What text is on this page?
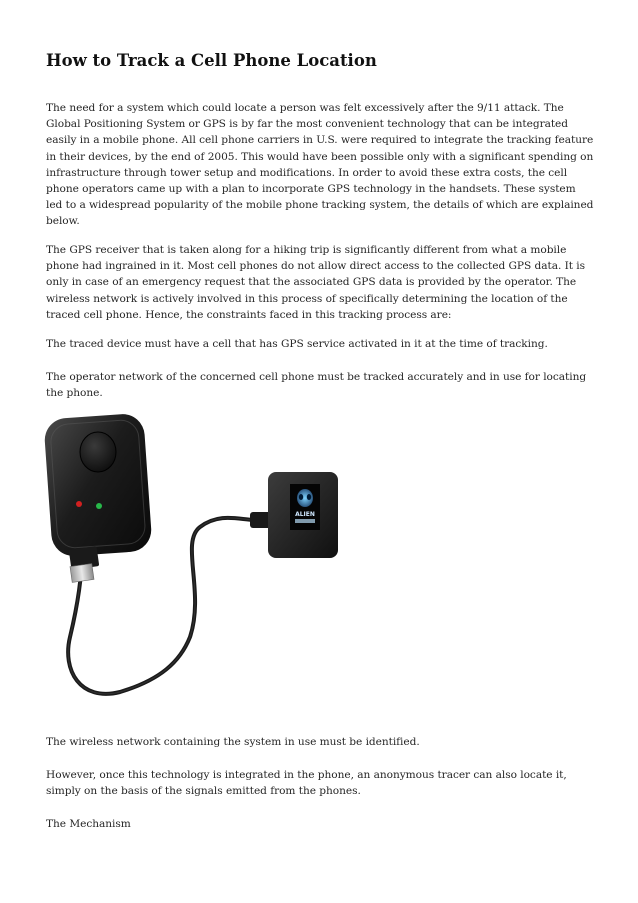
How to Track a Cell Phone Location

The need for a system which could locate a person was felt excessively after the 9/11 attack. The Global Positioning System or GPS is by far the most convenient technology that can be integrated easily in a mobile phone. All cell phone carriers in U.S. were required to integrate the tracking feature in their devices, by the end of 2005. This would have been possible only with a significant spending on infrastructure through tower setup and modifications. In order to avoid these extra costs, the cell phone operators came up with a plan to incorporate GPS technology in the handsets. These system led to a widespread popularity of the mobile phone tracking system, the details of which are explained below.

The GPS receiver that is taken along for a hiking trip is significantly different from what a mobile phone had ingrained in it. Most cell phones do not allow direct access to the collected GPS data. It is only in case of an emergency request that the associated GPS data is provided by the operator. The wireless network is actively involved in this process of specifically determining the location of the traced cell phone. Hence, the constraints faced in this tracking process are:

The traced device must have a cell that has GPS service activated in it at the time of tracking.

The operator network of the concerned cell phone must be tracked accurately and in use for locating the phone.

The wireless network containing the system in use must be identified.

However, once this technology is integrated in the phone, an anonymous tracer can also locate it, simply on the basis of the signals emitted from the phones.

The Mechanism

ALIEN
